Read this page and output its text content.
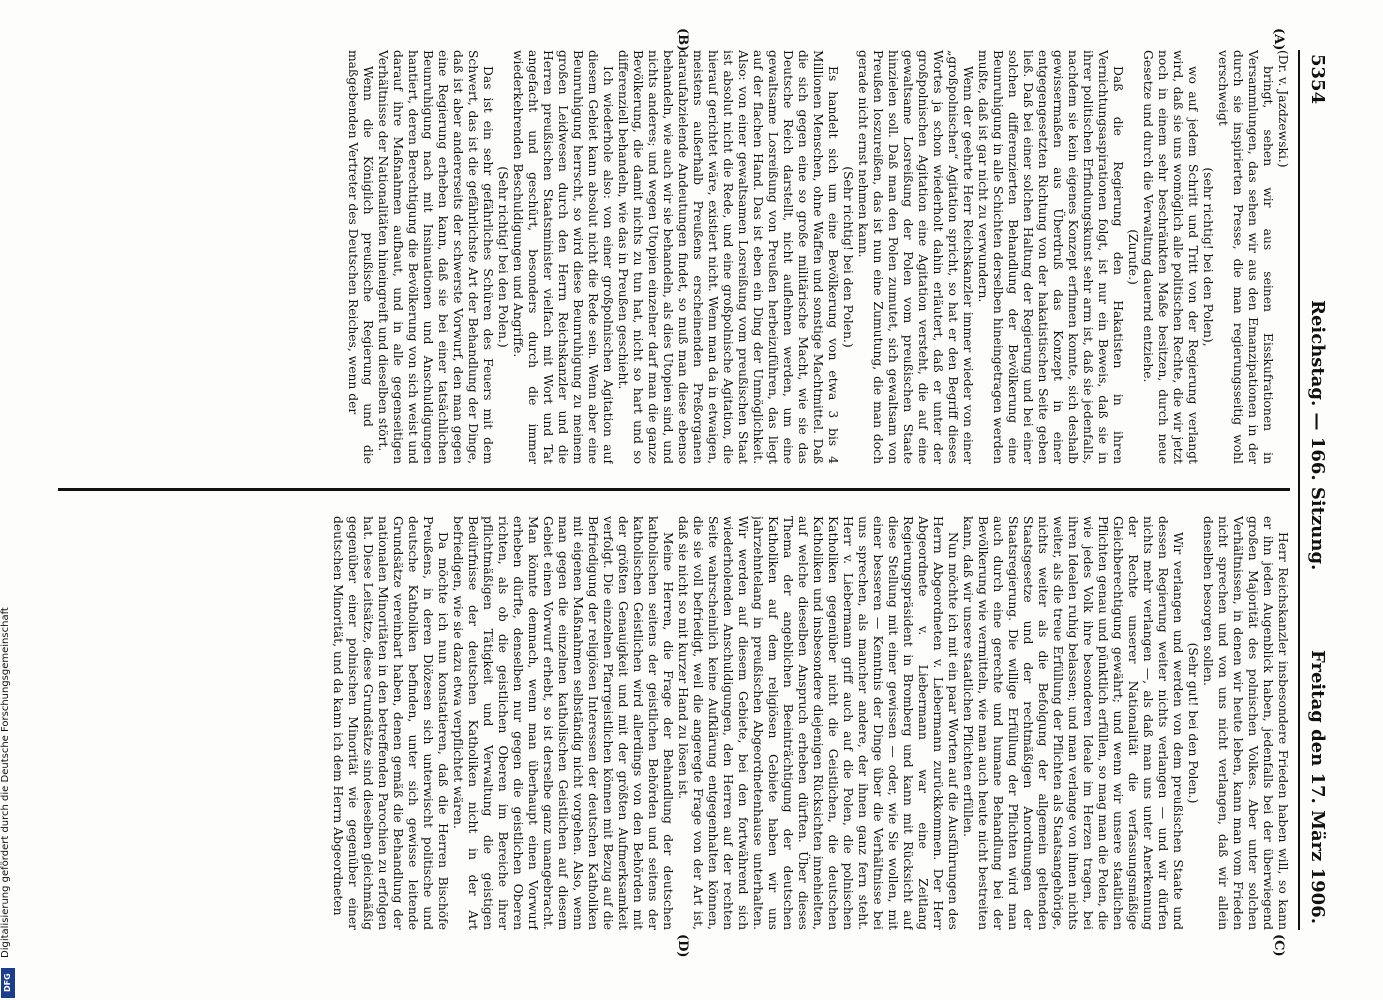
5354
Reichstag. — 166. Sitzung.
Freitag den 17. März 1906.

(Dr. v. Jazdzewski.)

bringt, sehen wir aus seinen Eisskufrationen in Versammlungen, das sehen wir aus den Emanzipationen in der durch sie inspirierten Presse, die man regierungsseitig wohl verschweigt

(sehr richtig! bei den Polen),

wo auf jedem Schritt und Tritt von der Regierung verlangt wird, daß sie uns womöglich alle politischen Rechte, die wir jetzt noch in einem sehr beschränkten Maße besitzen, durch neue Gesetze und durch die Verwaltung dauernd entziehe.

(Zurufe.)

Daß die Regierung den Hakatisten in ihren Vernichtungsaspirationen folgt, ist nur ein Beweis, daß sie in ihrer politischen Erfindungskunst sehr arm ist, daß sie jedenfalls, nachdem sie kein eigenes Konzept erfinnen konnte, sich deshalb gewissermaßen aus Überdruß das Konzept in einer entgegengesetzten Richtung von der hakatistischen Seite geben ließ. Daß bei einer solchen Haltung der Regierung und bei einer solchen differenzierten Behandlung der Bevölkerung eine Beunruhigung in alle Schichten derselben hineingetragen werden mußte, daß ist gar nicht zu verwundern.

Wenn der geehrte Herr Reichskanzler immer wieder von einer „großpolnischen“ Agitation spricht, so hat er den Begriff dieses Wortes ja schon wiederholt dahin erläutert, daß er unter der großpolnischen Agitation eine Agitation versteht, die auf eine gewaltsame Losreißung der Polen vom preußischen Staate hinzielen soll. Daß man den Polen zumutet, sich gewaltsam von Preußen loszureißen, das ist nun eine Zumutung, die man doch gerade nicht ernst nehmen kann.

(Sehr richtig! bei den Polen.)

Es handelt sich um eine Bevölkerung von etwa 3 bis 4 Millionen Menschen, ohne Waffen und sonstige Machtmittel. Daß die sich gegen eine so große militärische Macht, wie sie das Deutsche Reich darstellt, nicht auflehnen werden, um eine gewaltsame Losreißung von Preußen herbeizuführen, das liegt auf der flachen Hand. Das ist eben ein Ding der Unmöglichkeit. Also: von einer gewaltsamen Losreißung vom preußischen Staat ist absolut nicht die Rede, und eine großpolnische Agitation, die hierauf gerichtet wäre, existiert nicht. Wenn man da in etwaigen, meistens außerhalb Preußens erscheinenden Preßorganen daraufabzielende Andeutungen findet, so muß man diese ebenso behandeln, wie auch wir sie behandeln, als dies Utopien sind, und nichts anderes; und wegen Utopien einzelner darf man die ganze Bevölkerung, die damit nichts zu tun hat, nicht so hart und so differenziell behandeln, wie das in Preußen geschieht.

Ich wiederhole also: von einer großpolnischen Agitation auf diesem Gebiet kann absolut nicht die Rede sein. Wenn aber eine Beunruhigung herrscht, so wird diese Beunruhigung zu meinem großen Leidwesen durch den Herrn Reichskanzler und die Herren preußischen Staatsminister vielfach mit Wort und Tat angefacht und geschürt, besonders durch die immer wiederkehrenden Beschuldigungen und Angriffe.

(Sehr richtig! bei den Polen.)

Das ist ein sehr gefährliches Schüren des Feuers mit dem Schwert, das ist die gefährlichste Art der Behandlung der Dinge, daß ist aber andererseits der schwerste Vorwurf, den man gegen eine Regierung erheben kann, daß sie bei einer tatsächlichen Beunruhigung nach mit Insinuationen und Anschuldigungen hantiert, deren Berechtigung die Bevölkerung von sich weist und darauf ihre Maßnahmen aufbaut, und in alle gegenseitigen Verhältnisse der Nationalitäten hineingreift und dieselben stört.

Wenn die Königlich preußische Regierung und die maßgebenden Vertreter des Deutschen Reiches, wenn der

Herr Reichskanzler insbesondere Frieden haben will, so kann er ihn jeden Augenblick haben, jedenfalls bei der überwiegend großen Majorität des polnischen Volkes. Aber unter solchen Verhältnissen, in denen wir heute leben, kann man vom Frieden nicht sprechen und von uns nicht verlangen, daß wir allein denselben besorgen sollen.

(Sehr gut! bei den Polen.)

Wir verlangen und werden von dem preußischen Staate und dessen Regierung weiter nichts verlangen — und wir dürfen nichts mehr verlangen —, als daß man uns unter Anerkennung der Rechte unserer Nationalität die verfassungsmäßige Gleichberechtigung gewährt; und wenn wir unsere staatlichen Pflichten genau und pünktlich erfüllen, so mag man die Polen, die wie jedes Volk ihre besonderen Ideale im Herzen tragen, bei ihren Idealen ruhig belassen; und man verlange von ihnen nichts weiter, als die treue Erfüllung der Pflichten als Staatsangehörige, nichts weiter als die Befolgung der allgemein geltenden Staatsgesetze und der rechtmäßigen Anordnungen der Staatsregierung. Die willige Erfüllung der Pflichten wird man auch durch eine gerechte und humane Behandlung bei der Bevölkerung wie vermitteln, wie man auch heute nicht bestreiten kann, daß wir unsere staatlichen Pflichten erfüllen.

Nun möchte ich mit ein paar Worten auf die Ausführungen des Herrn Abgeordneten v. Liebermann zurückkommen. Der Herr Abgeordnete v. Liebermann war eine Zeitlang Regierungspräsident in Bromberg und kann mit Rücksicht auf diese Stellung mit einer gewissen — oder, wie Sie wollen, mit einer besseren — Kenntnis der Dinge über die Verhältnisse bei uns sprechen, als mancher andere, der ihnen ganz fern steht. Herr v. Liebermann griff auch auf die Polen, die polnischen Katholiken gegenüber nicht die Geistlichen, die deutschen Katholiken und insbesondere diejenigen Rücksichten innehielten, auf welche dieselben Anspruch erheben dürften. Über dieses Thema der angeblichen Beeinträchtigung der deutschen Katholiken auf dem religiösen Gebiete haben wir uns jahrzehntelang in preußischen Abgeordnetenhause unterhalten. Wir werden auf diesem Gebiete, bei den fortwährend sich wiederholenden Anschuldigungen, den Herren auf der rechten Seite wahrscheinlich keine Aufklärung entgegenhalten können, die sie voll befriedigt, weil die angeregte Frage von der Art ist, daß sie nicht so mit kurzer Hand zu lösen ist.

Meine Herren, die Frage der Behandlung der deutschen katholischen seitens der geistlichen Behörden und seitens der katholischen Geistlichen wird allerdings von den Behörden mit der größten Genauigkeit und mit der größten Aufmerksamkeit verfolgt. Die einzelnen Pfarrgeistlichen können mit Bezug auf die Befriedigung der religiösen Interessen der deutschen Katholiken mit eigenen Maßnahmen selbständig nicht vorgehen. Also, wenn man gegen die einzelnen katholischen Geistlichen auf diesem Gebiet einen Vorwurf erhebt, so ist derselbe ganz unangebracht. Man könnte demnach, wenn man überhaupt einen Vorwurf erheben dürfte, denselben nur gegen die geistlichen Oberen richten, als ob die geistlichen Oberen im Bereiche ihrer pflichtmäßigen Tätigkeit und Verwaltung die geistigen Bedürfnisse der deutschen Katholiken nicht in der Art befriedigen, wie sie dazu etwa verpflichtet wären.

Da möchte ich nun konstatieren, daß die Herren Bischöfe Preußens, in deren Diözesen sich unterwischt politische und deutsche Katholiken befinden, unter sich gewisse leitende Grundsätze vereinbart haben, denen gemäß die Behandlung der nationalen Minoritäten in den betreffenden Parochien zu erfolgen hat. Diese Leitsätze, diese Grundsätze sind dieselben gleichmäßig gegenüber einer polnischen Minorität wie gegenüber einer deutschen Minorität, und da kann ich dem Herrn Abgeordneten

(A)
(B)
(C)
(D)
Digitalisierung gefördert durch die Deutsche Forschungsgemeinschaft
DFG
